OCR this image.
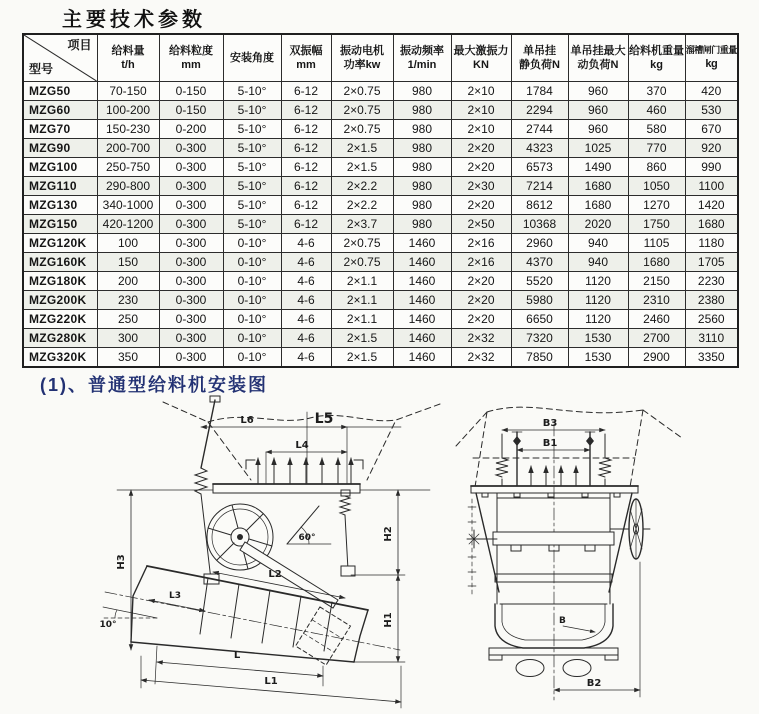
主要技术参数
项目
型号

给料量
t/h

给料粒度
mm

安装角度

双振幅
mm

振动电机
功率kw

振动频率
1/min

最大激振力
KN

单吊挂
静负荷N

单吊挂最大
动负荷N

给料机重量
kg

溜槽闸门重量
kg

MZG50	70-150	0-150	5-10°	6-12	2×0.75	980	2×10	1784	960	370	420
MZG60	100-200	0-150	5-10°	6-12	2×0.75	980	2×10	2294	960	460	530
MZG70	150-230	0-200	5-10°	6-12	2×0.75	980	2×10	2744	960	580	670
MZG90	200-700	0-300	5-10°	6-12	2×1.5	980	2×20	4323	1025	770	920
MZG100	250-750	0-300	5-10°	6-12	2×1.5	980	2×20	6573	1490	860	990
MZG110	290-800	0-300	5-10°	6-12	2×2.2	980	2×30	7214	1680	1050	1100
MZG130	340-1000	0-300	5-10°	6-12	2×2.2	980	2×20	8612	1680	1270	1420
MZG150	420-1200	0-300	5-10°	6-12	2×3.7	980	2×50	10368	2020	1750	1680
MZG120K	100	0-300	0-10°	4-6	2×0.75	1460	2×16	2960	940	1105	1180
MZG160K	150	0-300	0-10°	4-6	2×0.75	1460	2×16	4370	940	1680	1705
MZG180K	200	0-300	0-10°	4-6	2×1.1	1460	2×20	5520	1120	2150	2230
MZG200K	230	0-300	0-10°	4-6	2×1.1	1460	2×20	5980	1120	2310	2380
MZG220K	250	0-300	0-10°	4-6	2×1.1	1460	2×20	6650	1120	2460	2560
MZG280K	300	0-300	0-10°	4-6	2×1.5	1460	2×32	7320	1530	2700	3110
MZG320K	350	0-300	0-10°	4-6	2×1.5	1460	2×32	7850	1530	2900	3350
(1)、普通型给料机安装图
L6	L5
L4
60°
L2
L3
10°
H3
H2
H1
L
L1
B3
B1
B
B2
